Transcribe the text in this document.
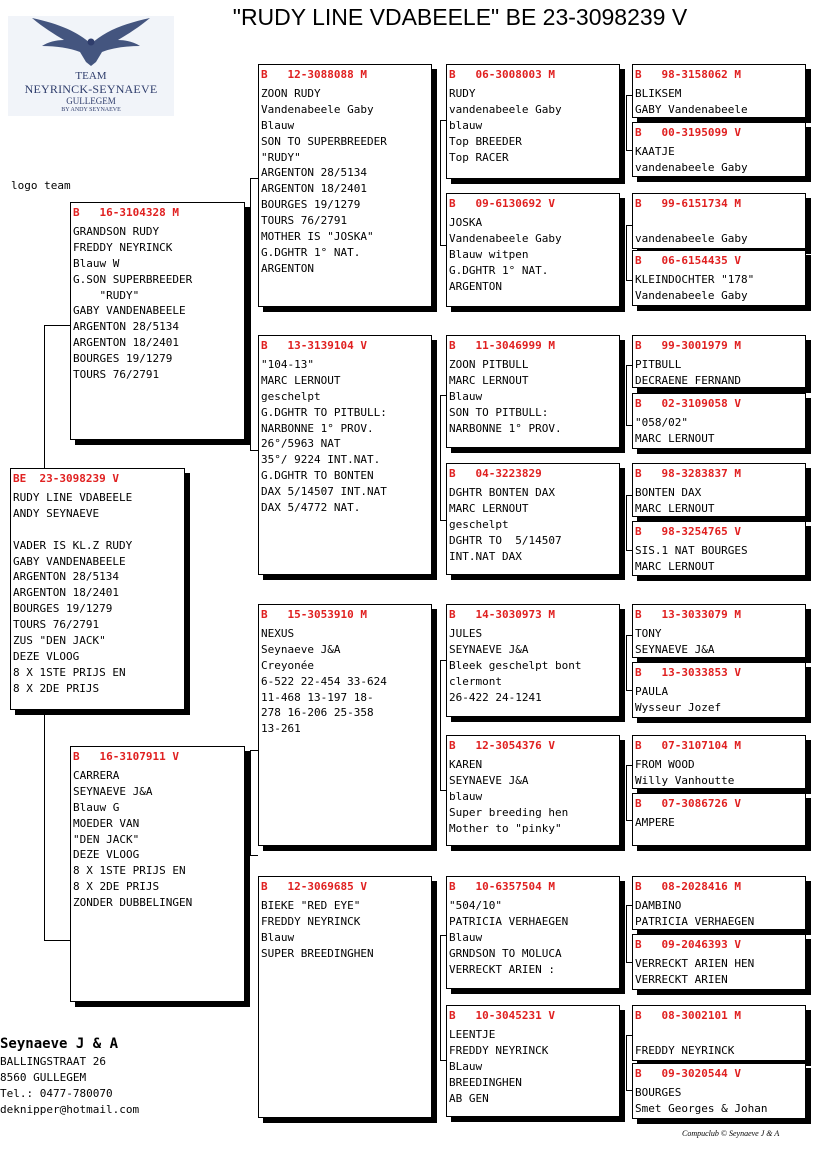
"RUDY LINE VDABEELE" BE 23-3098239 V
TEAM
NEYRINCK-SEYNAEVE
GULLEGEM
BY ANDY SEYNAEVE
logo team
BE  23-3098239 V
RUDY LINE VDABEELE
ANDY SEYNAEVE

VADER IS KL.Z RUDY
GABY VANDENABEELE
ARGENTON 28/5134
ARGENTON 18/2401
BOURGES 19/1279
TOURS 76/2791
ZUS "DEN JACK"
DEZE VLOOG
8 X 1STE PRIJS EN
8 X 2DE PRIJS
B   16-3104328 M
GRANDSON RUDY
FREDDY NEYRINCK
Blauw W
G.SON SUPERBREEDER
"RUDY"
GABY VANDENABEELE
ARGENTON 28/5134
ARGENTON 18/2401
BOURGES 19/1279
TOURS 76/2791
B   16-3107911 V
CARRERA
SEYNAEVE J&A
Blauw G
MOEDER VAN
"DEN JACK"
DEZE VLOOG
8 X 1STE PRIJS EN
8 X 2DE PRIJS
ZONDER DUBBELINGEN
B   12-3088088 M
ZOON RUDY
Vandenabeele Gaby
Blauw
SON TO SUPERBREEDER
"RUDY"
ARGENTON 28/5134
ARGENTON 18/2401
BOURGES 19/1279
TOURS 76/2791
MOTHER IS "JOSKA"
G.DGHTR 1° NAT.
ARGENTON
B   13-3139104 V
"104-13"
MARC LERNOUT
geschelpt
G.DGHTR TO PITBULL:
NARBONNE 1° PROV.
26°/5963 NAT
35°/ 9224 INT.NAT.
G.DGHTR TO BONTEN
DAX 5/14507 INT.NAT
DAX 5/4772 NAT.
B   15-3053910 M
NEXUS
Seynaeve J&A
Creyonée
6-522 22-454 33-624
11-468 13-197 18-
278 16-206 25-358
13-261
B   12-3069685 V
BIEKE "RED EYE"
FREDDY NEYRINCK
Blauw
SUPER BREEDINGHEN
B   06-3008003 M
RUDY
vandenabeele Gaby
blauw
Top BREEDER
Top RACER
B   09-6130692 V
JOSKA
Vandenabeele Gaby
Blauw witpen
G.DGHTR 1° NAT.
ARGENTON
B   11-3046999 M
ZOON PITBULL
MARC LERNOUT
Blauw
SON TO PITBULL:
NARBONNE 1° PROV.
B   04-3223829
DGHTR BONTEN DAX
MARC LERNOUT
geschelpt
DGHTR TO  5/14507
INT.NAT DAX
B   14-3030973 M
JULES
SEYNAEVE J&A
Bleek geschelpt bont
clermont
26-422 24-1241
B   12-3054376 V
KAREN
SEYNAEVE J&A
blauw
Super breeding hen
Mother to "pinky"
B   10-6357504 M
"504/10"
PATRICIA VERHAEGEN
Blauw
GRNDSON TO MOLUCA
VERRECKT ARIEN :
B   10-3045231 V
LEENTJE
FREDDY NEYRINCK
BLauw
BREEDINGHEN
AB GEN
B   98-3158062 M
BLIKSEM
GABY Vandenabeele
B   00-3195099 V
KAATJE
vandenabeele Gaby
B   99-6151734 M

vandenabeele Gaby
B   06-6154435 V
KLEINDOCHTER "178"
Vandenabeele Gaby
B   99-3001979 M
PITBULL
DECRAENE FERNAND
B   02-3109058 V
"058/02"
MARC LERNOUT
B   98-3283837 M
BONTEN DAX
MARC LERNOUT
B   98-3254765 V
SIS.1 NAT BOURGES
MARC LERNOUT
B   13-3033079 M
TONY
SEYNAEVE J&A
B   13-3033853 V
PAULA
Wysseur Jozef
B   07-3107104 M
FROM WOOD
Willy Vanhoutte
B   07-3086726 V
AMPERE
B   08-2028416 M
DAMBINO
PATRICIA VERHAEGEN
B   09-2046393 V
VERRECKT ARIEN HEN
VERRECKT ARIEN
B   08-3002101 M

FREDDY NEYRINCK
B   09-3020544 V
BOURGES
Smet Georges & Johan
Seynaeve J & A
BALLINGSTRAAT 26
8560 GULLEGEM
Tel.: 0477-780070
deknipper@hotmail.com
Compuclub © Seynaeve J & A
